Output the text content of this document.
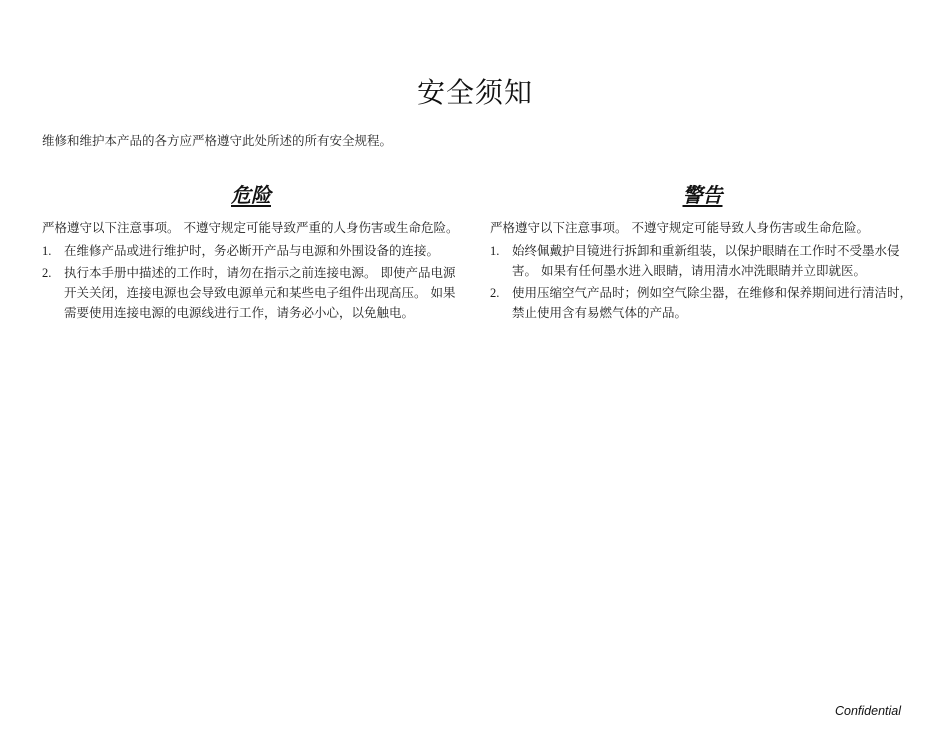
安全须知
维修和维护本产品的各方应严格遵守此处所述的所有安全规程。
危险
严格遵守以下注意事项。 不遵守规定可能导致严重的人身伤害或生命危险。
1.	在维修产品或进行维护时，务必断开产品与电源和外围设备的连接。
2.	执行本手册中描述的工作时，请勿在指示之前连接电源。 即使产品电源开关关闭，连接电源也会导致电源单元和某些电子组件出现高压。 如果需要使用连接电源的电源线进行工作，请务必小心，以免触电。
警告
严格遵守以下注意事项。 不遵守规定可能导致人身伤害或生命危险。
1.	始终佩戴护目镜进行拆卸和重新组装，以保护眼睛在工作时不受墨水侵害。 如果有任何墨水进入眼睛，请用清水冲洗眼睛并立即就医。
2.	使用压缩空气产品时；例如空气除尘器，在维修和保养期间进行清洁时，禁止使用含有易燃气体的产品。
Confidential
